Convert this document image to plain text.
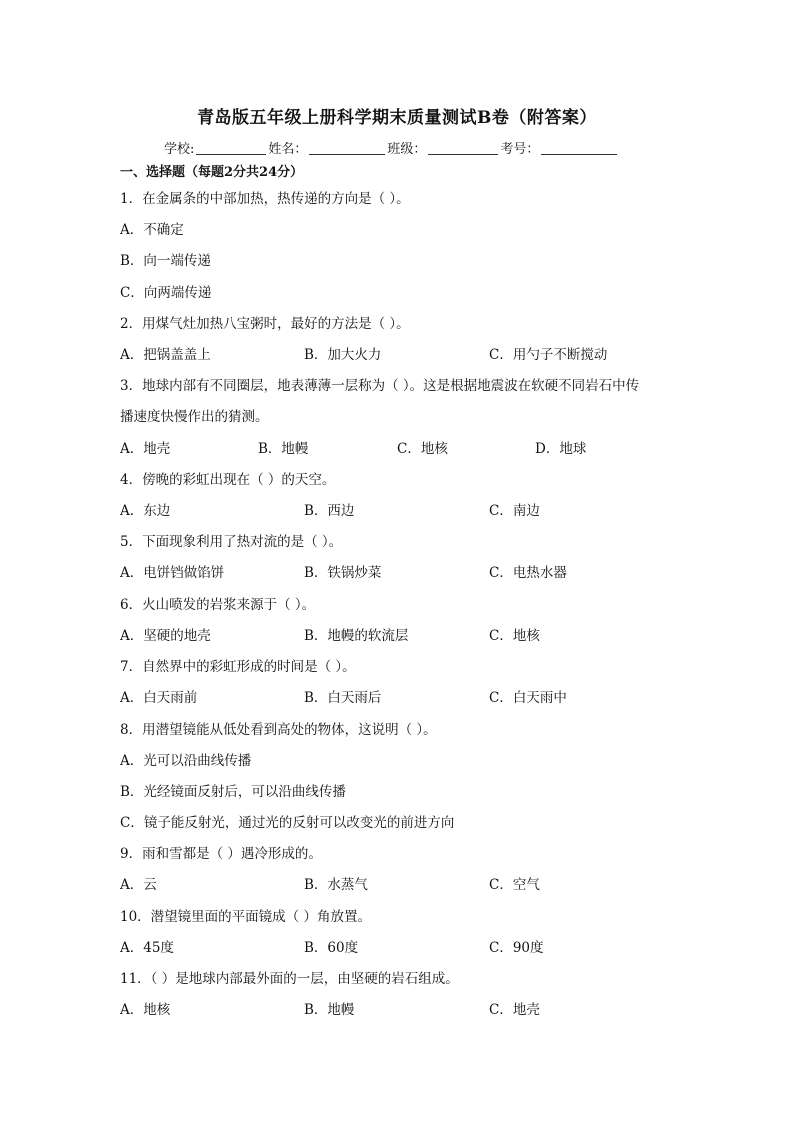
青岛版五年级上册科学期末质量测试B卷（附答案）
学校:	姓名：	班级：	考号：
一、选择题（每题2分共24分）
1．在金属条的中部加热，热传递的方向是（ ）。
A．不确定
B．向一端传递
C．向两端传递
2．用煤气灶加热八宝粥时，最好的方法是（ ）。
A．把锅盖盖上	B．加大火力	C．用勺子不断搅动
3．地球内部有不同圈层，地表薄薄一层称为（ ）。这是根据地震波在软硬不同岩石中传
播速度快慢作出的猜测。
A．地壳	B．地幔	C．地核	D．地球
4．傍晚的彩虹出现在（ ）的天空。
A．东边	B．西边	C．南边
5．下面现象利用了热对流的是（ ）。
A．电饼铛做馅饼	B．铁锅炒菜	C．电热水器
6．火山喷发的岩浆来源于（ ）。
A．坚硬的地壳	B．地幔的软流层	C．地核
7．自然界中的彩虹形成的时间是（ ）。
A．白天雨前	B．白天雨后	C．白天雨中
8．用潜望镜能从低处看到高处的物体，这说明（ ）。
A．光可以沿曲线传播
B．光经镜面反射后，可以沿曲线传播
C．镜子能反射光，通过光的反射可以改变光的前进方向
9．雨和雪都是（ ）遇冷形成的。
A．云	B．水蒸气	C．空气
10．潜望镜里面的平面镜成（ ）角放置。
A．45度	B．60度	C．90度
11．（ ）是地球内部最外面的一层，由坚硬的岩石组成。
A．地核	B．地幔	C．地壳
